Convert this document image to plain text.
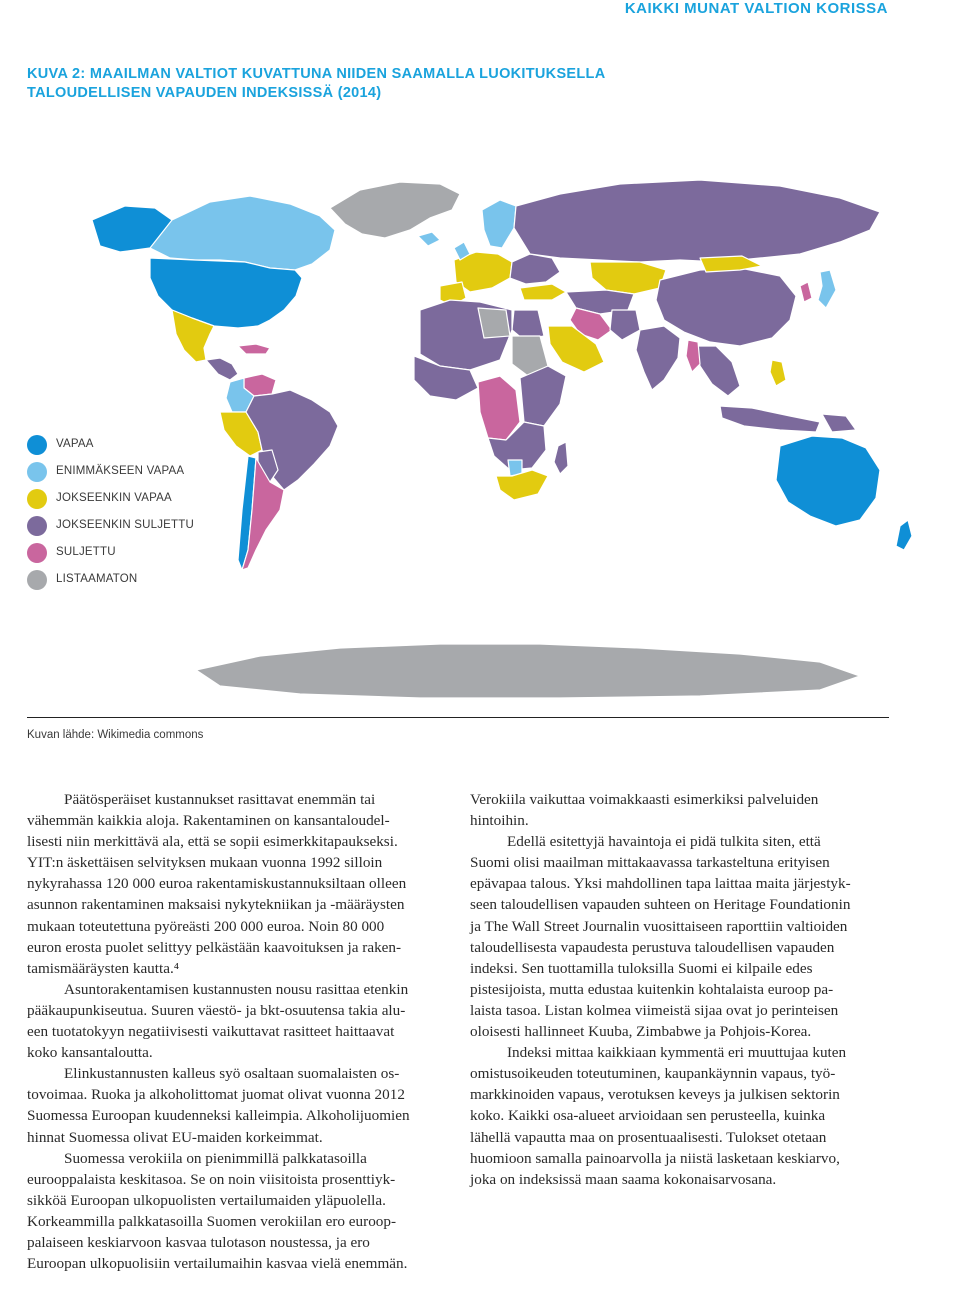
KAIKKI MUNAT VALTION KORISSA
KUVA 2: MAAILMAN VALTIOT KUVATTUNA NIIDEN SAAMALLA LUOKITUKSELLA
TALOUDELLISEN VAPAUDEN INDEKSISSÄ (2014)
VAPAA
ENIMMÄKSEEN VAPAA
JOKSEENKIN VAPAA
JOKSEENKIN SULJETTU
SULJETTU
LISTAAMATON
Kuvan lähde: Wikimedia commons
Päätösperäiset kustannukset rasittavat enemmän tai
vähemmän kaikkia aloja. Rakentaminen on kansantaloudel-
lisesti niin merkittävä ala, että se sopii esimerkkitapaukseksi.
YIT:n äskettäisen selvityksen mukaan vuonna 1992 silloin
nykyrahassa 120 000 euroa rakentamiskustannuksiltaan olleen
asunnon rakentaminen maksaisi nykytekniikan ja -määräysten
mukaan toteutettuna pyöreästi 200 000 euroa. Noin 80 000
euron erosta puolet selittyy pelkästään kaavoituksen ja raken-
tamismääräysten kautta.⁴
Asuntorakentamisen kustannusten nousu rasittaa etenkin
pääkaupunkiseutua. Suuren väestö- ja bkt-osuutensa takia alu-
een tuotatokyyn negatiivisesti vaikuttavat rasitteet haittaavat
koko kansantaloutta.
Elinkustannusten kalleus syö osaltaan suomalaisten os-
tovoimaa. Ruoka ja alkoholittomat juomat olivat vuonna 2012
Suomessa Euroopan kuudenneksi kalleimpia. Alkoholijuomien
hinnat Suomessa olivat EU-maiden korkeimmat.
Suomessa verokiila on pienimmillä palkkatasoilla
eurooppalaista keskitasoa. Se on noin viisitoista prosenttiyk-
sikköä Euroopan ulkopuolisten vertailumaiden yläpuolella.
Korkeammilla palkkatasoilla Suomen verokiilan ero euroop-
palaiseen keskiarvoon kasvaa tulotason noustessa, ja ero
Euroopan ulkopuolisiin vertailumaihin kasvaa vielä enemmän.
Verokiila vaikuttaa voimakkaasti esimerkiksi palveluiden
hintoihin.
Edellä esitettyjä havaintoja ei pidä tulkita siten, että
Suomi olisi maailman mittakaavassa tarkasteltuna erityisen
epävapaa talous. Yksi mahdollinen tapa laittaa maita järjestyk-
seen taloudellisen vapauden suhteen on Heritage Foundationin
ja The Wall Street Journalin vuosittaiseen raporttiin valtioiden
taloudellisesta vapaudesta perustuva taloudellisen vapauden
indeksi. Sen tuottamilla tuloksilla Suomi ei kilpaile edes
pistesijoista, mutta edustaa kuitenkin kohtalaista euroop pa-
laista tasoa. Listan kolmea viimeistä sijaa ovat jo perinteisen
oloisesti hallinneet Kuuba, Zimbabwe ja Pohjois-Korea.
Indeksi mittaa kaikkiaan kymmentä eri muuttujaa kuten
omistusoikeuden toteutuminen, kaupankäynnin vapaus, työ-
markkinoiden vapaus, verotuksen keveys ja julkisen sektorin
koko. Kaikki osa-alueet arvioidaan sen perusteella, kuinka
lähellä vapautta maa on prosentuaalisesti. Tulokset otetaan
huomioon samalla painoarvolla ja niistä lasketaan keskiarvo,
joka on indeksissä maan saama kokonaisarvosana.
